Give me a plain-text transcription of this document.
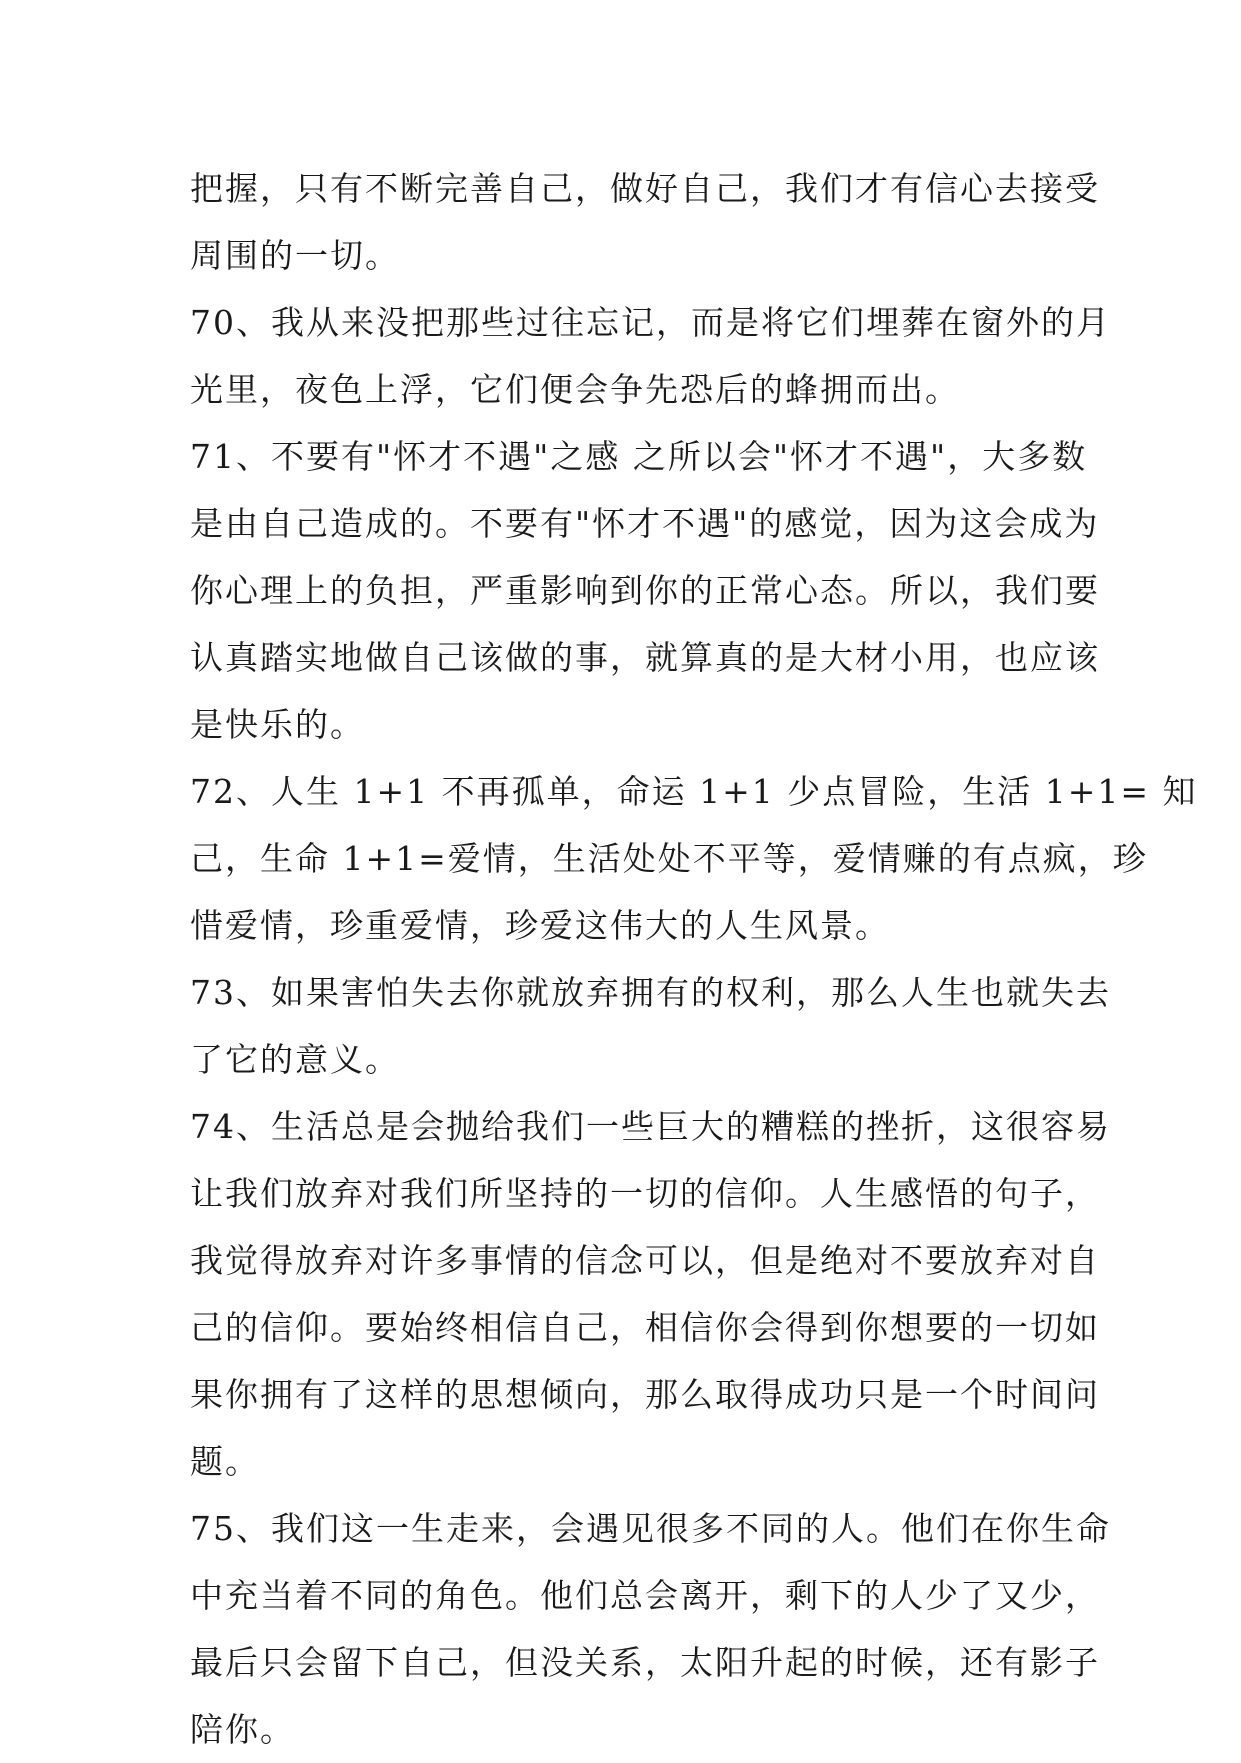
把握，只有不断完善自己，做好自己，我们才有信心去接受
周围的一切。
70、我从来没把那些过往忘记，而是将它们埋葬在窗外的月
光里，夜色上浮，它们便会争先恐后的蜂拥而出。
71、不要有"怀才不遇"之感 之所以会"怀才不遇"，大多数
是由自己造成的。不要有"怀才不遇"的感觉，因为这会成为
你心理上的负担，严重影响到你的正常心态。所以，我们要
认真踏实地做自己该做的事，就算真的是大材小用，也应该
是快乐的。
72、人生 1+1 不再孤单，命运 1+1 少点冒险，生活 1+1= 知
己，生命 1+1=爱情，生活处处不平等，爱情赚的有点疯，珍
惜爱情，珍重爱情，珍爱这伟大的人生风景。
73、如果害怕失去你就放弃拥有的权利，那么人生也就失去
了它的意义。
74、生活总是会抛给我们一些巨大的糟糕的挫折，这很容易
让我们放弃对我们所坚持的一切的信仰。人生感悟的句子，
我觉得放弃对许多事情的信念可以，但是绝对不要放弃对自
己的信仰。要始终相信自己，相信你会得到你想要的一切如
果你拥有了这样的思想倾向，那么取得成功只是一个时间问
题。
75、我们这一生走来，会遇见很多不同的人。他们在你生命
中充当着不同的角色。他们总会离开，剩下的人少了又少，
最后只会留下自己，但没关系，太阳升起的时候，还有影子
陪你。
